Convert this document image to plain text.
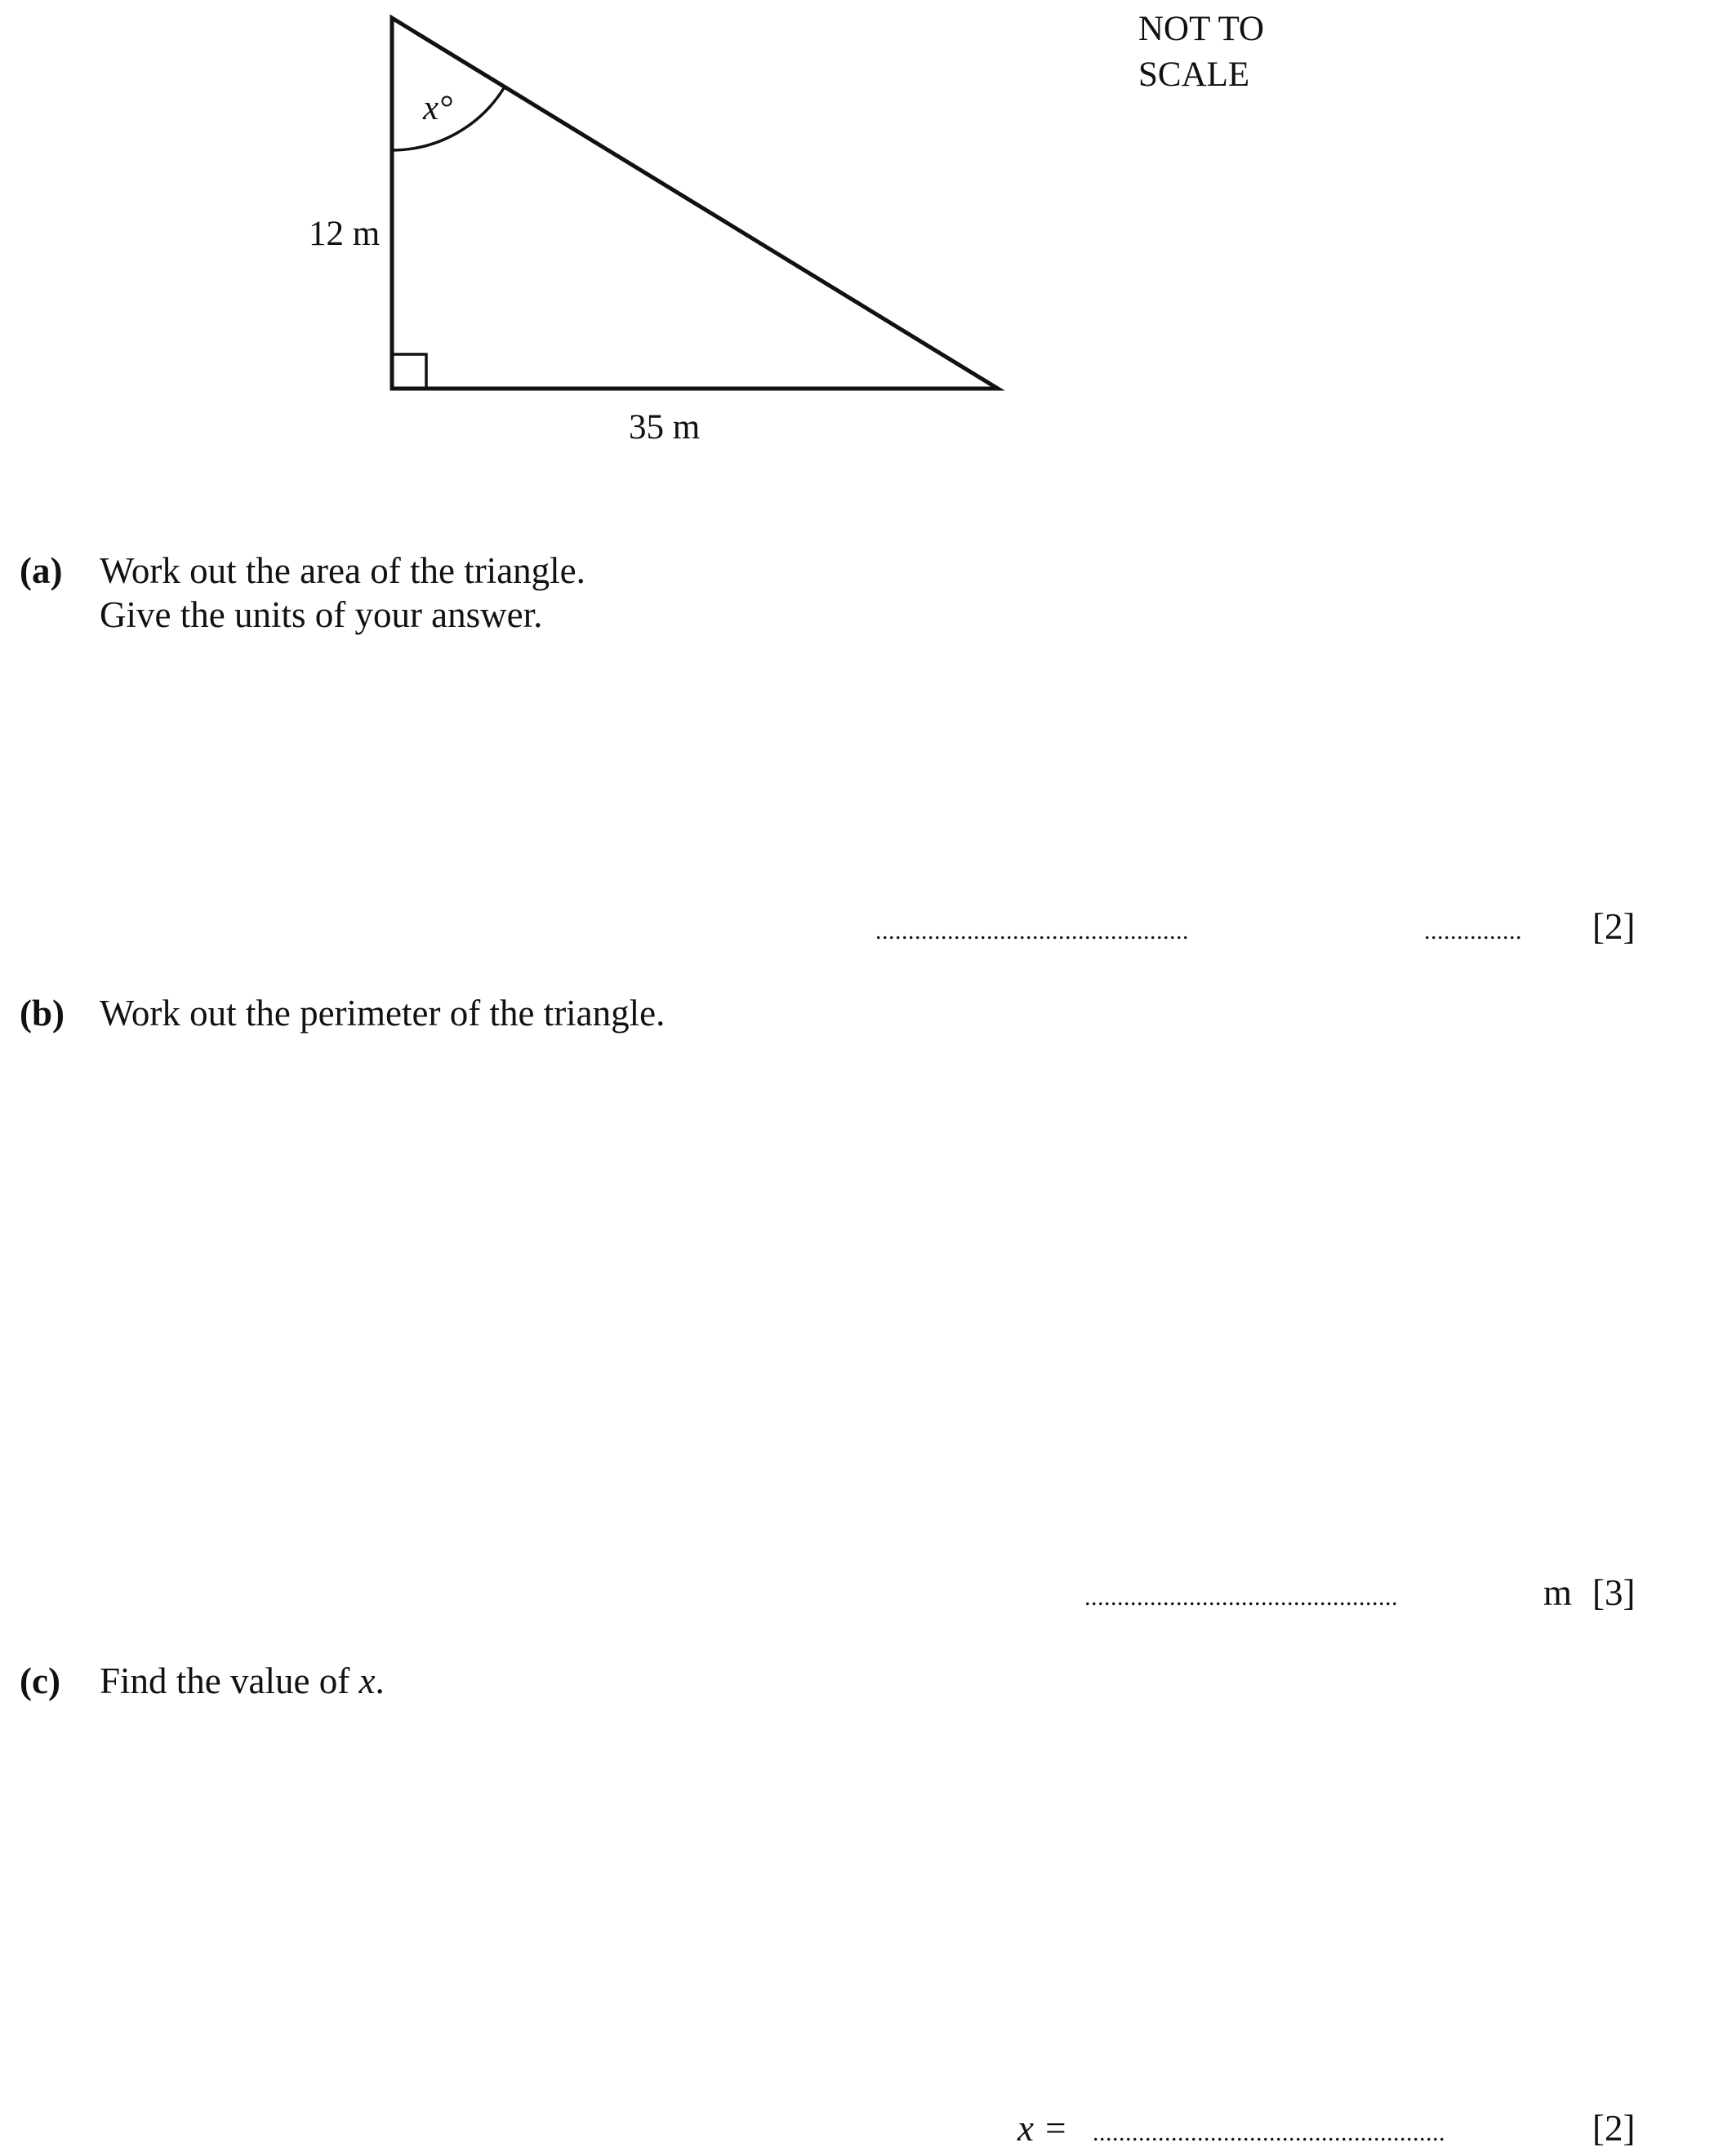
x°
12 m
35 m
NOT TO
SCALE
(a) Work out the area of the triangle.
Give the units of your answer.
................................................	............... [2]
(b) Work out the perimeter of the triangle.
................................................	m [3]
(c) Find the value of x.
x = ......................................................	[2]
